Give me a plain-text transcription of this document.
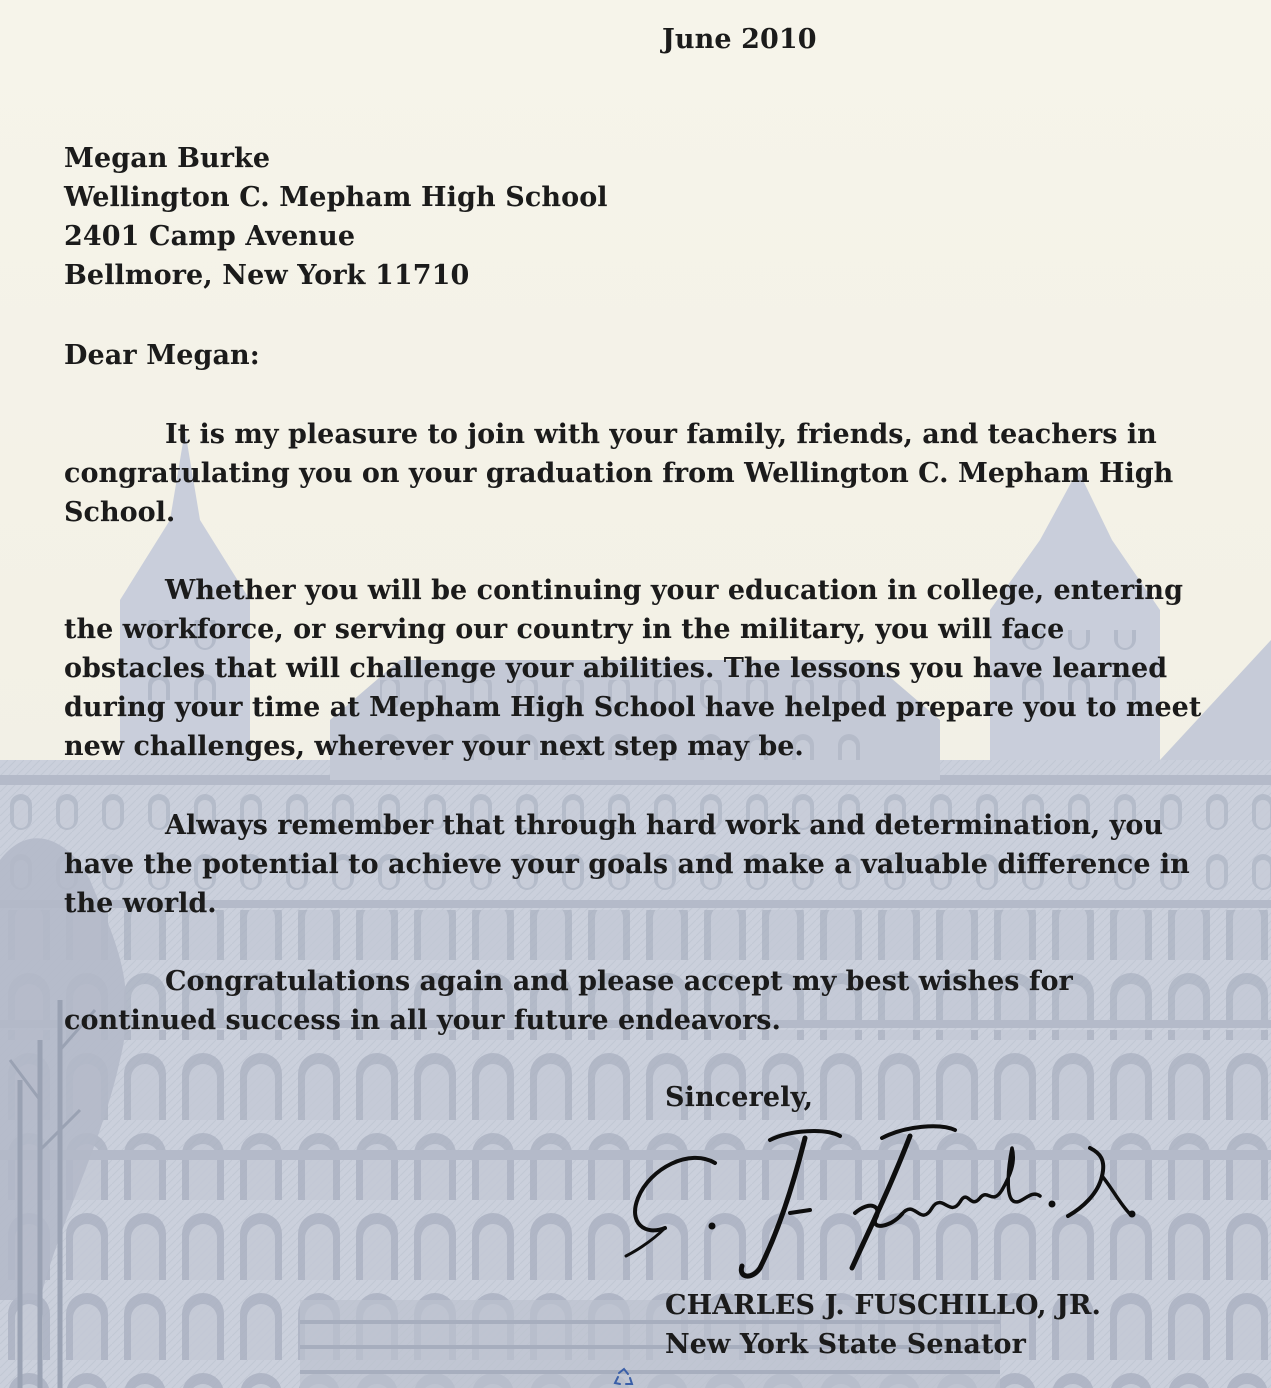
June 2010
Megan Burke
Wellington C. Mepham High School
2401 Camp Avenue
Bellmore, New York 11710
Dear Megan:
It is my pleasure to join with your family, friends, and teachers in congratulating you on your graduation from Wellington C. Mepham High School.
Whether you will be continuing your education in college, entering the workforce, or serving our country in the military, you will face obstacles that will challenge your abilities. The lessons you have learned during your time at Mepham High School have helped prepare you to meet new challenges, wherever your next step may be.
Always remember that through hard work and determination, you have the potential to achieve your goals and make a valuable difference in the world.
Congratulations again and please accept my best wishes for continued success in all your future endeavors.
Sincerely,
CHARLES J. FUSCHILLO, JR.
New York State Senator
